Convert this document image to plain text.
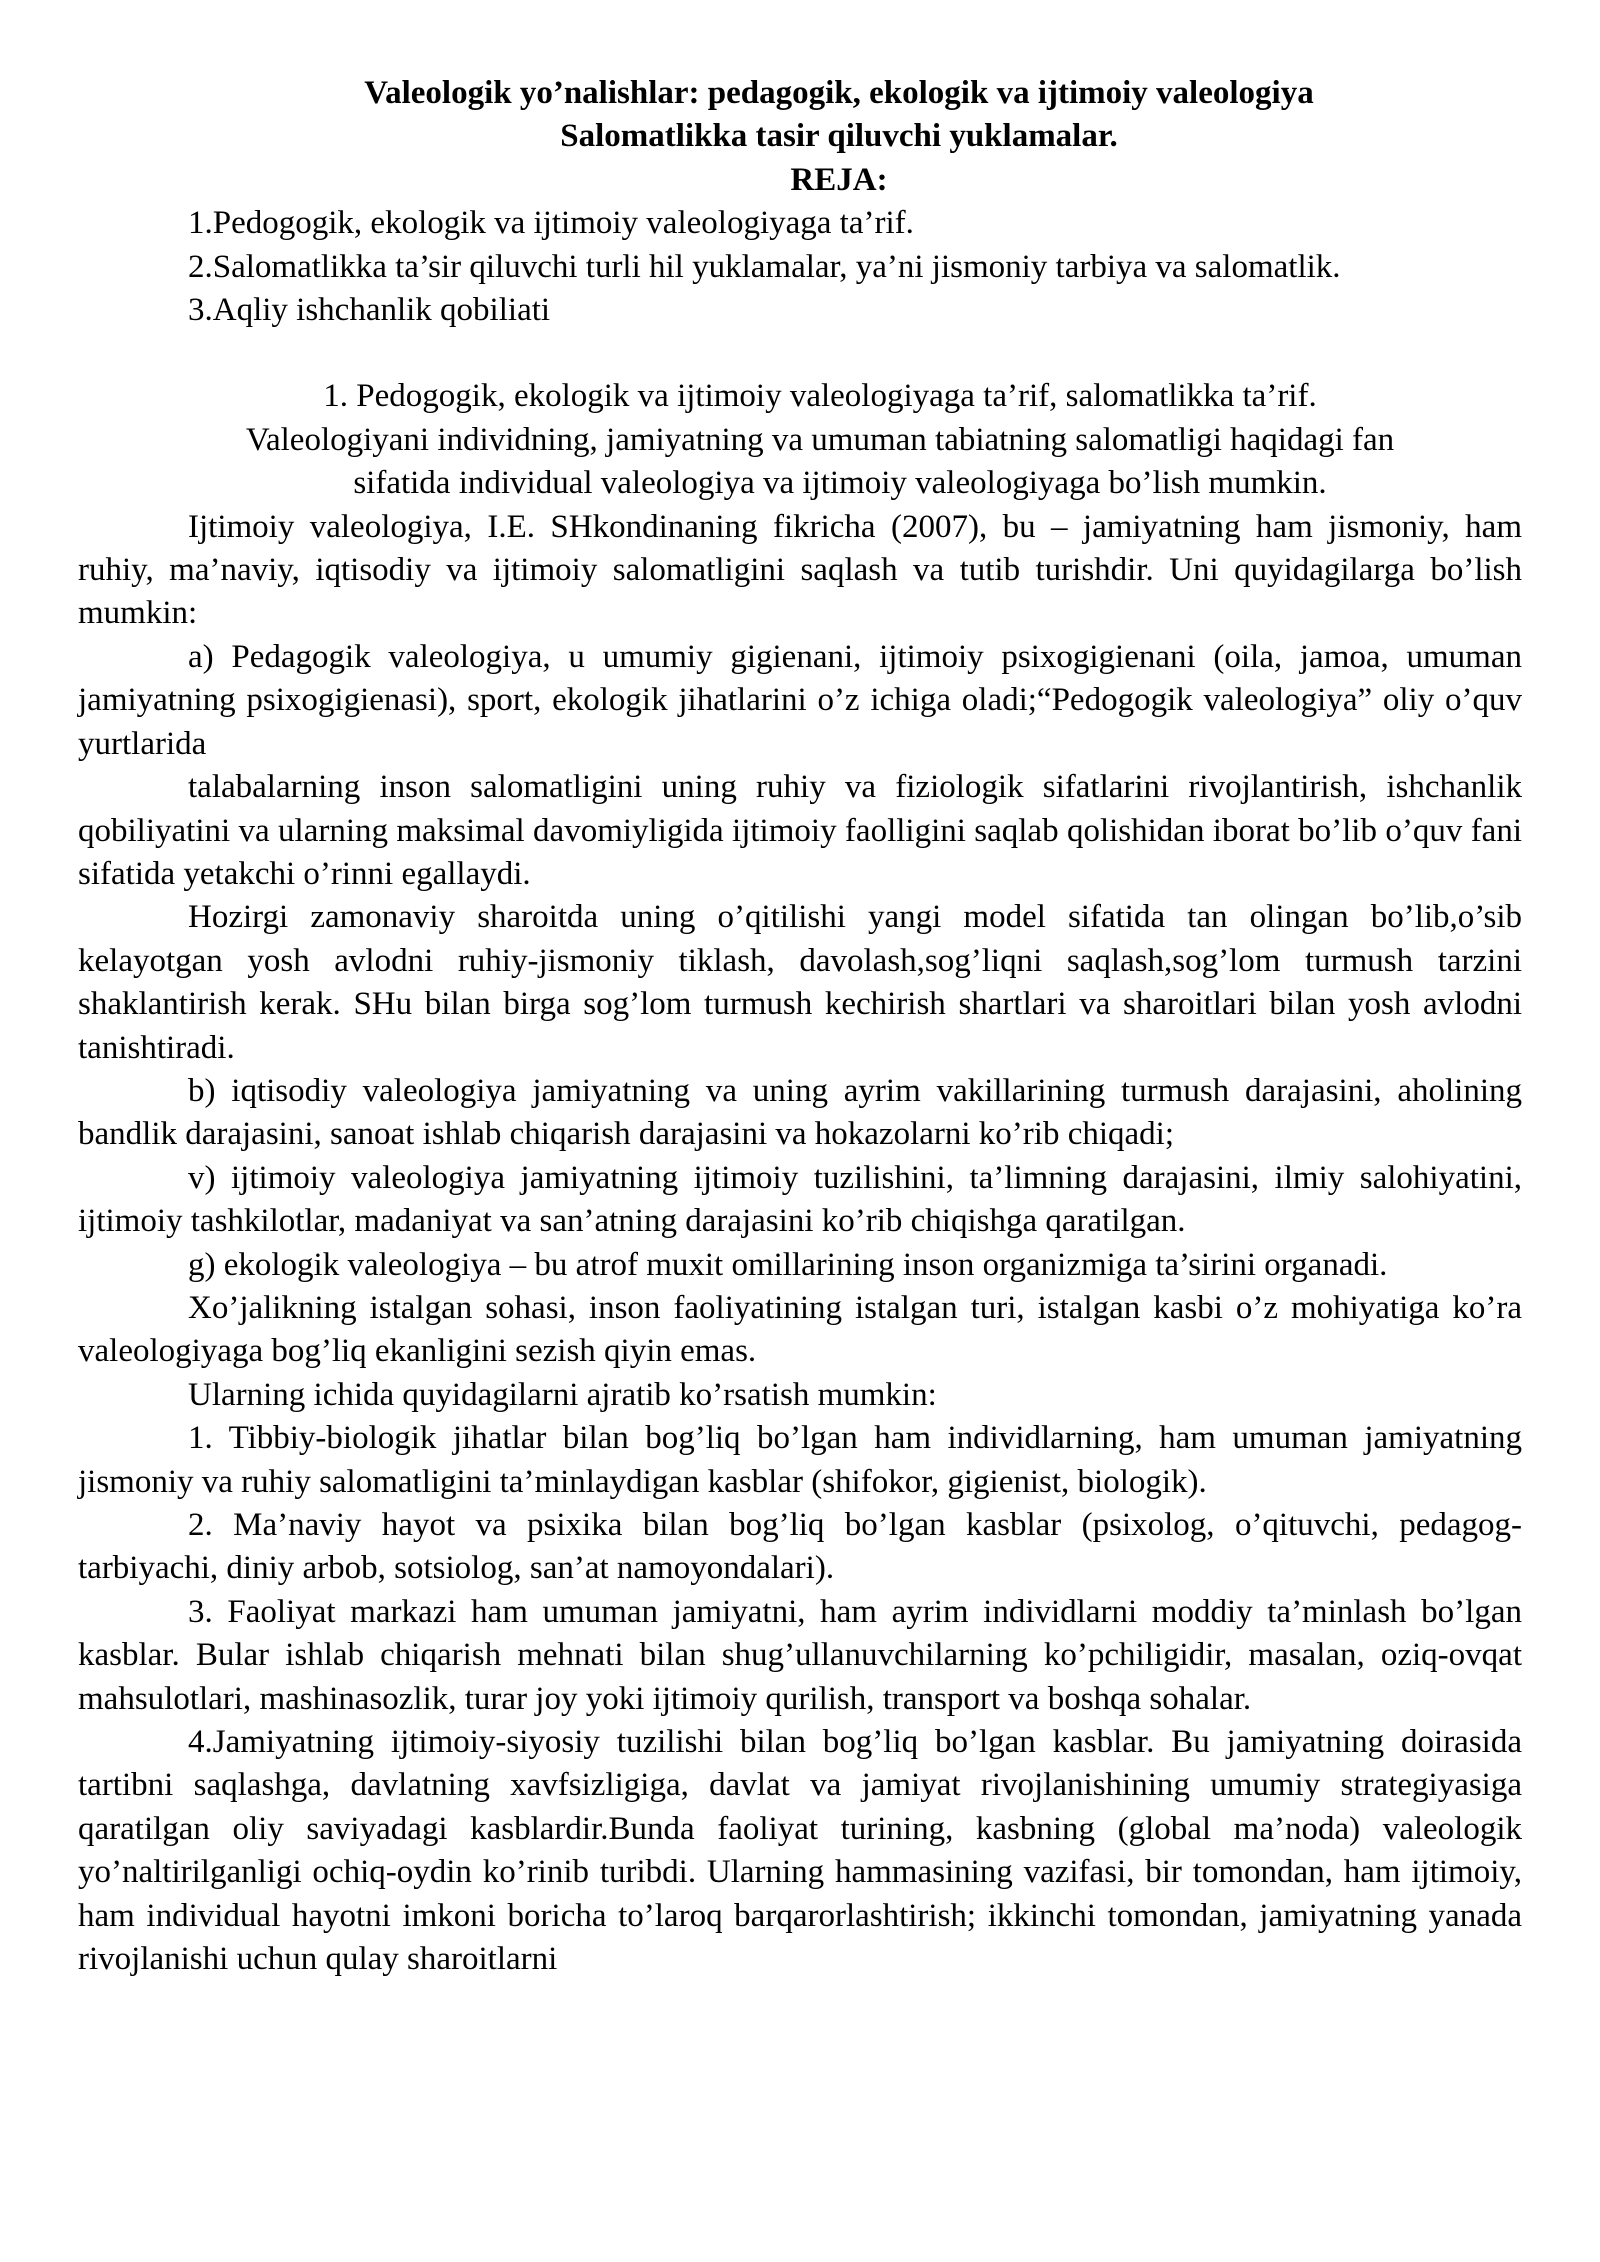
Valeologik yo’nalishlar: pedagogik, ekologik va ijtimoiy valeologiya

Salomatlikka tasir qiluvchi yuklamalar.

REJA:

1.Pedogogik, ekologik va ijtimoiy valeologiyaga ta’rif.
2.Salomatlikka ta’sir qiluvchi turli hil yuklamalar, ya’ni jismoniy tarbiya va salomatlik.
3.Aqliy ishchanlik qobiliati
1. Pedogogik, ekologik va ijtimoiy valeologiyaga ta’rif, salomatlikka ta’rif.
Valeologiyani individning, jamiyatning va umuman tabiatning salomatligi haqidagi fan
sifatida individual valeologiya va ijtimoiy valeologiyaga bo’lish mumkin.

Ijtimoiy valeologiya, I.E. SHkondinaning fikricha (2007), bu – jamiyatning ham jismoniy, ham ruhiy, ma’naviy, iqtisodiy va ijtimoiy salomatligini saqlash va tutib turishdir. Uni quyidagilarga bo’lish mumkin:

a) Pedagogik valeologiya, u umumiy gigienani, ijtimoiy psixogigienani (oila, jamoa, umuman jamiyatning psixogigienasi), sport, ekologik jihatlarini o’z ichiga oladi;“Pedogogik valeologiya” oliy o’quv yurtlarida

talabalarning inson salomatligini uning ruhiy va fiziologik sifatlarini rivojlantirish, ishchanlik qobiliyatini va ularning maksimal davomiyligida ijtimoiy faolligini saqlab qolishidan iborat bo’lib o’quv fani sifatida yetakchi o’rinni egallaydi.

Hozirgi zamonaviy sharoitda uning o’qitilishi yangi model sifatida tan olingan bo’lib,o’sib kelayotgan yosh avlodni ruhiy-jismoniy tiklash, davolash,sog’liqni saqlash,sog’lom turmush tarzini shaklantirish kerak. SHu bilan birga sog’lom turmush kechirish shartlari va sharoitlari bilan yosh avlodni tanishtiradi.

b) iqtisodiy valeologiya jamiyatning va uning ayrim vakillarining turmush darajasini, aholining bandlik darajasini, sanoat ishlab chiqarish darajasini va hokazolarni ko’rib chiqadi;

v) ijtimoiy valeologiya jamiyatning ijtimoiy tuzilishini, ta’limning darajasini, ilmiy salohiyatini, ijtimoiy tashkilotlar, madaniyat va san’atning darajasini ko’rib chiqishga qaratilgan.

g) ekologik valeologiya – bu atrof muxit omillarining inson organizmiga ta’sirini organadi.

Xo’jalikning istalgan sohasi, inson faoliyatining istalgan turi, istalgan kasbi o’z mohiyatiga ko’ra valeologiyaga bog’liq ekanligini sezish qiyin emas.

Ularning ichida quyidagilarni ajratib ko’rsatish mumkin:

1. Tibbiy-biologik jihatlar bilan bog’liq bo’lgan ham individlarning, ham umuman jamiyatning jismoniy va ruhiy salomatligini ta’minlaydigan kasblar (shifokor, gigienist, biologik).

2. Ma’naviy hayot va psixika bilan bog’liq bo’lgan kasblar (psixolog, o’qituvchi, pedagog-tarbiyachi, diniy arbob, sotsiolog, san’at namoyondalari).

3. Faoliyat markazi ham umuman jamiyatni, ham ayrim individlarni moddiy ta’minlash bo’lgan kasblar. Bular ishlab chiqarish mehnati bilan shug’ullanuvchilarning ko’pchiligidir, masalan, oziq-ovqat mahsulotlari, mashinasozlik, turar joy yoki ijtimoiy qurilish, transport va boshqa sohalar.

4.Jamiyatning ijtimoiy-siyosiy tuzilishi bilan bog’liq bo’lgan kasblar. Bu jamiyatning doirasida tartibni saqlashga, davlatning xavfsizligiga, davlat va jamiyat rivojlanishining umumiy strategiyasiga qaratilgan oliy saviyadagi kasblardir.Bunda faoliyat turining, kasbning (global ma’noda) valeologik yo’naltirilganligi ochiq-oydin ko’rinib turibdi. Ularning hammasining vazifasi, bir tomondan, ham ijtimoiy, ham individual hayotni imkoni boricha to’laroq barqarorlashtirish; ikkinchi tomondan, jamiyatning yanada rivojlanishi uchun qulay sharoitlarni
